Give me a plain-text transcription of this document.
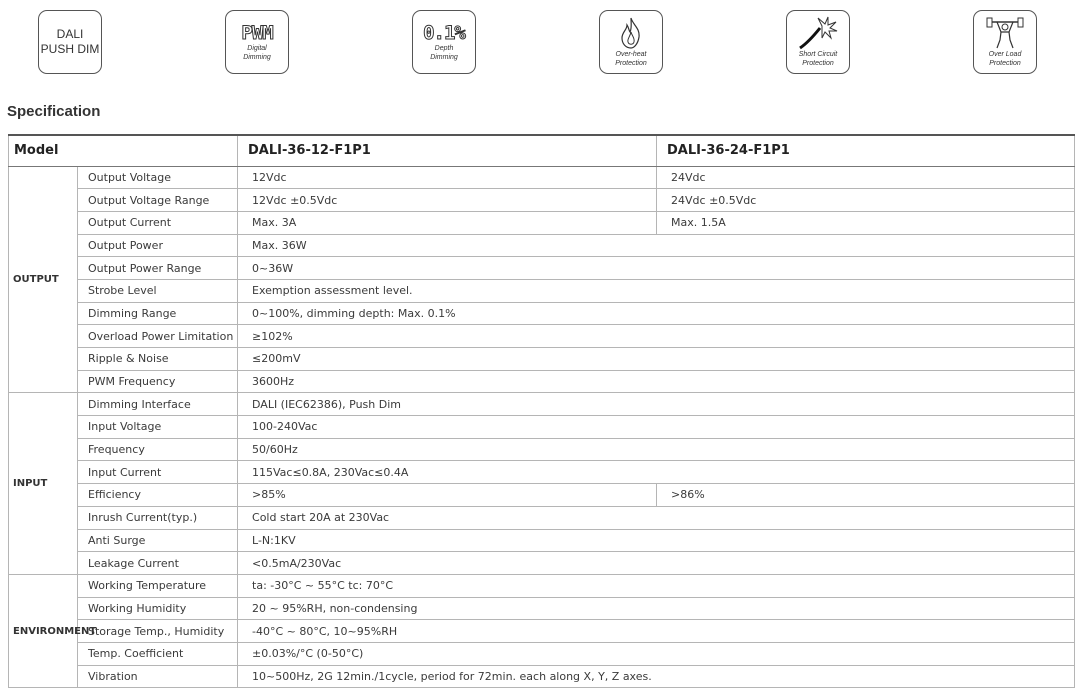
DALI
PUSH DIM
PWM
Digital
Dimming
0.1%
Depth
Dimming	Over-heat
Protection
Short Circuit
Protection
Over Load
Protection
Specification
Model		DALI-36-12-F1P1	DALI-36-24-F1P1
OUTPUT	Output Voltage	12Vdc	24Vdc
	Output Voltage Range	12Vdc ±0.5Vdc	24Vdc ±0.5Vdc
	Output Current	Max. 3A	Max. 1.5A
	Output Power	Max. 36W	
	Output Power Range	0~36W	
	Strobe Level	Exemption assessment level.	
	Dimming Range	0~100%, dimming depth: Max. 0.1%	
	Overload Power Limitation	≥102%	
	Ripple & Noise	≤200mV	
	PWM Frequency	3600Hz	
INPUT	Dimming Interface	DALI (IEC62386), Push Dim	
	Input Voltage	100-240Vac	
	Frequency	50/60Hz	
	Input Current	115Vac≤0.8A, 230Vac≤0.4A	
	Efficiency	>85%	>86%
	Inrush Current(typ.)	Cold start 20A at 230Vac	
	Anti Surge	L-N:1KV	
	Leakage Current	<0.5mA/230Vac	
ENVIRONMENT	Working Temperature	ta: -30°C ~ 55°C tc: 70°C	
	Working Humidity	20 ~ 95%RH, non-condensing	
	Storage Temp., Humidity	-40°C ~ 80°C, 10~95%RH	
	Temp. Coefficient	±0.03%/°C (0-50°C)	
	Vibration	10~500Hz, 2G 12min./1cycle, period for 72min. each along X, Y, Z axes.	
